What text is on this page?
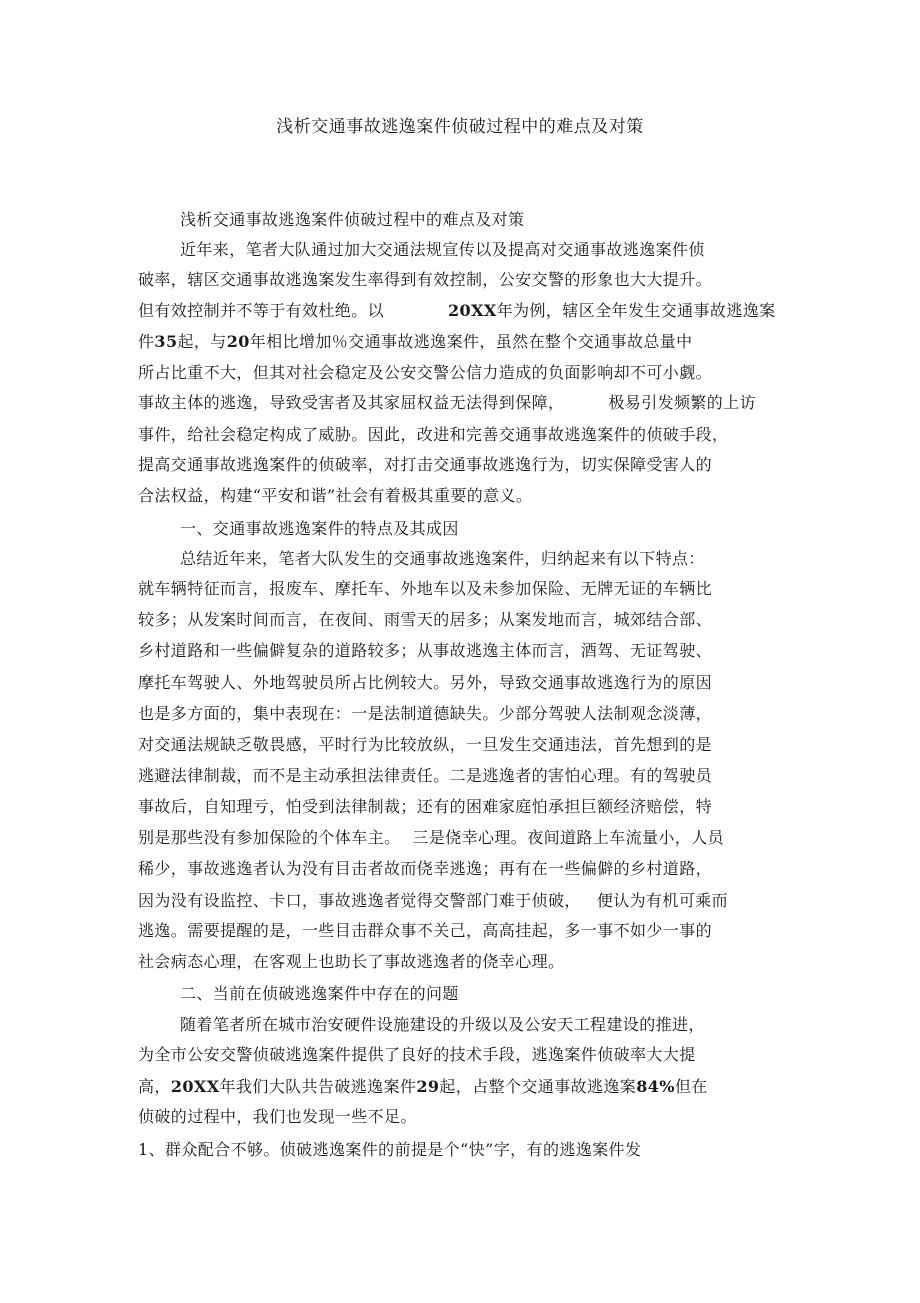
浅析交通事故逃逸案件侦破过程中的难点及对策
浅析交通事故逃逸案件侦破过程中的难点及对策
近年来，笔者大队通过加大交通法规宣传以及提高对交通事故逃逸案件侦
破率，辖区交通事故逃逸案发生率得到有效控制，公安交警的形象也大大提升。
但有效控制并不等于有效杜绝。以	20XX年为例，辖区全年发生交通事故逃逸案
件35起，与20年相比增加％交通事故逃逸案件，虽然在整个交通事故总量中
所占比重不大，但其对社会稳定及公安交警公信力造成的负面影响却不可小觑。
事故主体的逃逸，导致受害者及其家屈权益无法得到保障，	极易引发频繁的上访
事件，给社会稳定构成了威胁。因此，改进和完善交通事故逃逸案件的侦破手段，
提高交通事故逃逸案件的侦破率，对打击交通事故逃逸行为，切实保障受害人的
合法权益，构建“平安和谐”社会有着极其重要的意义。
一、交通事故逃逸案件的特点及其成因
总结近年来，笔者大队发生的交通事故逃逸案件，归纳起来有以下特点：
就车辆特征而言，报废车、摩托车、外地车以及未参加保险、无牌无证的车辆比
较多；从发案时间而言，在夜间、雨雪天的居多；从案发地而言，城郊结合部、
乡村道路和一些偏僻复杂的道路较多；从事故逃逸主体而言，酒驾、无证驾驶、
摩托车驾驶人、外地驾驶员所占比例较大。另外，导致交通事故逃逸行为的原因
也是多方面的，集中表现在：一是法制道德缺失。少部分驾驶人法制观念淡薄，
对交通法规缺乏敬畏感，平时行为比较放纵，一旦发生交通违法，首先想到的是
逃避法律制裁，而不是主动承担法律责任。二是逃逸者的害怕心理。有的驾驶员
事故后，自知理亏，怕受到法律制裁；还有的困难家庭怕承担巨额经济赔偿，特
别是那些没有参加保险的个体车主。 三是侥幸心理。夜间道路上车流量小，人员
稀少，事故逃逸者认为没有目击者故而侥幸逃逸；再有在一些偏僻的乡村道路，
因为没有设监控、卡口，事故逃逸者觉得交警部门难于侦破， 便认为有机可乘而
逃逸。需要提醒的是，一些目击群众事不关己，高高挂起，多一事不如少一事的
社会病态心理，在客观上也助长了事故逃逸者的侥幸心理。
二、当前在侦破逃逸案件中存在的问题
随着笔者所在城市治安硬件设施建设的升级以及公安天工程建设的推进，
为全市公安交警侦破逃逸案件提供了良好的技术手段，逃逸案件侦破率大大提
高，20XX年我们大队共告破逃逸案件29起，占整个交通事故逃逸案84%但在
侦破的过程中，我们也发现一些不足。
1、群众配合不够。侦破逃逸案件的前提是个“快”字，有的逃逸案件发
